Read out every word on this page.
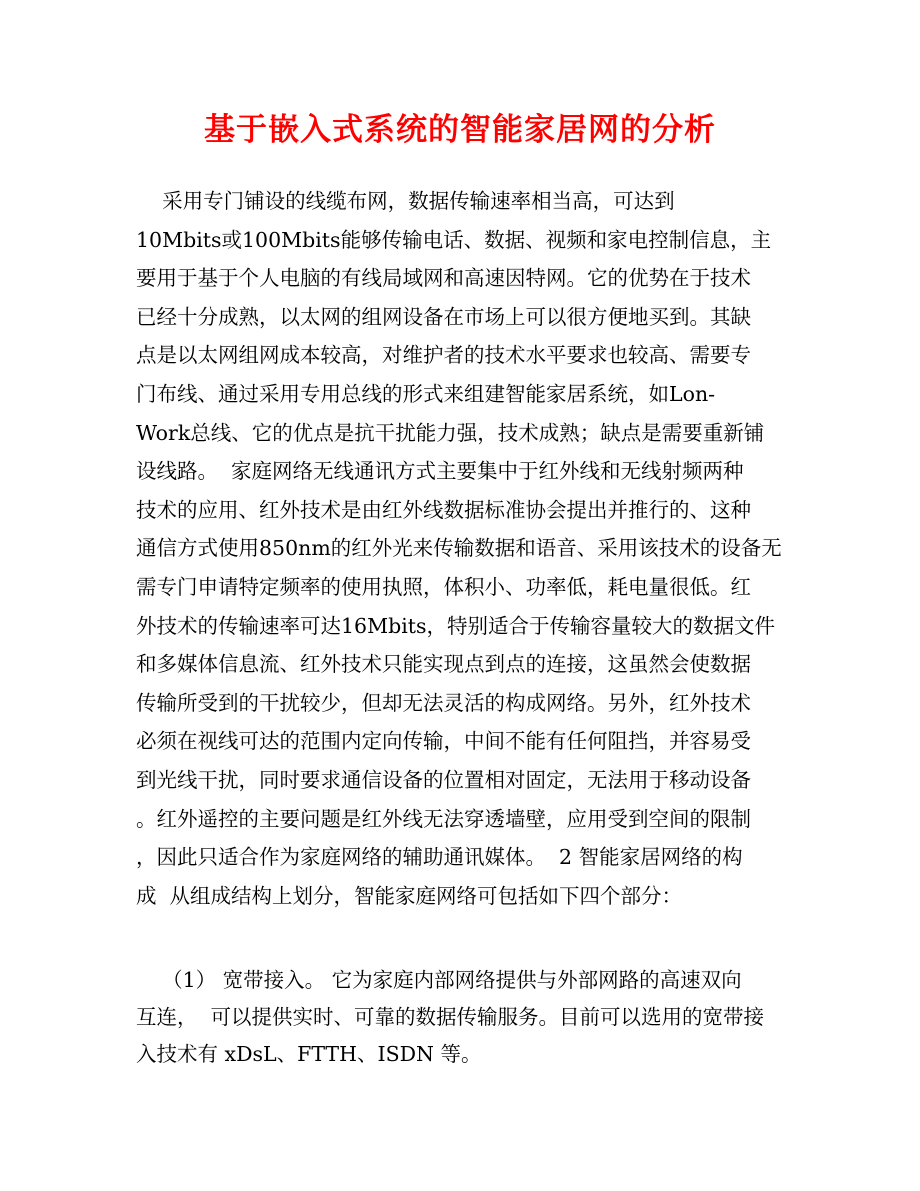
基于嵌入式系统的智能家居网的分析
采用专门铺设的线缆布网，数据传输速率相当高，可达到
10Mbits或100Mbits能够传输电话、数据、视频和家电控制信息，主
要用于基于个人电脑的有线局域网和高速因特网。它的优势在于技术
已经十分成熟，以太网的组网设备在市场上可以很方便地买到。其缺
点是以太网组网成本较高，对维护者的技术水平要求也较高、需要专
门布线、通过采用专用总线的形式来组建智能家居系统，如Lon-
Work总线、它的优点是抗干扰能力强，技术成熟；缺点是需要重新铺
设线路。  家庭网络无线通讯方式主要集中于红外线和无线射频两种
技术的应用、红外技术是由红外线数据标准协会提出并推行的、这种
通信方式使用850nm的红外光来传输数据和语音、采用该技术的设备无
需专门申请特定频率的使用执照，体积小、功率低，耗电量很低。红
外技术的传输速率可达16Mbits，特别适合于传输容量较大的数据文件
和多媒体信息流、红外技术只能实现点到点的连接，这虽然会使数据
传输所受到的干扰较少，但却无法灵活的构成网络。另外，红外技术
必须在视线可达的范围内定向传输，中间不能有任何阻挡，并容易受
到光线干扰，同时要求通信设备的位置相对固定，无法用于移动设备
。红外遥控的主要问题是红外线无法穿透墙壁，应用受到空间的限制
，因此只适合作为家庭网络的辅助通讯媒体。  2 智能家居网络的构
成  从组成结构上划分，智能家庭网络可包括如下四个部分：
（1） 宽带接入。 它为家庭内部网络提供与外部网路的高速双向
互连，  可以提供实时、可靠的数据传输服务。目前可以选用的宽带接
入技术有 xDsL、FTTH、ISDN 等。
